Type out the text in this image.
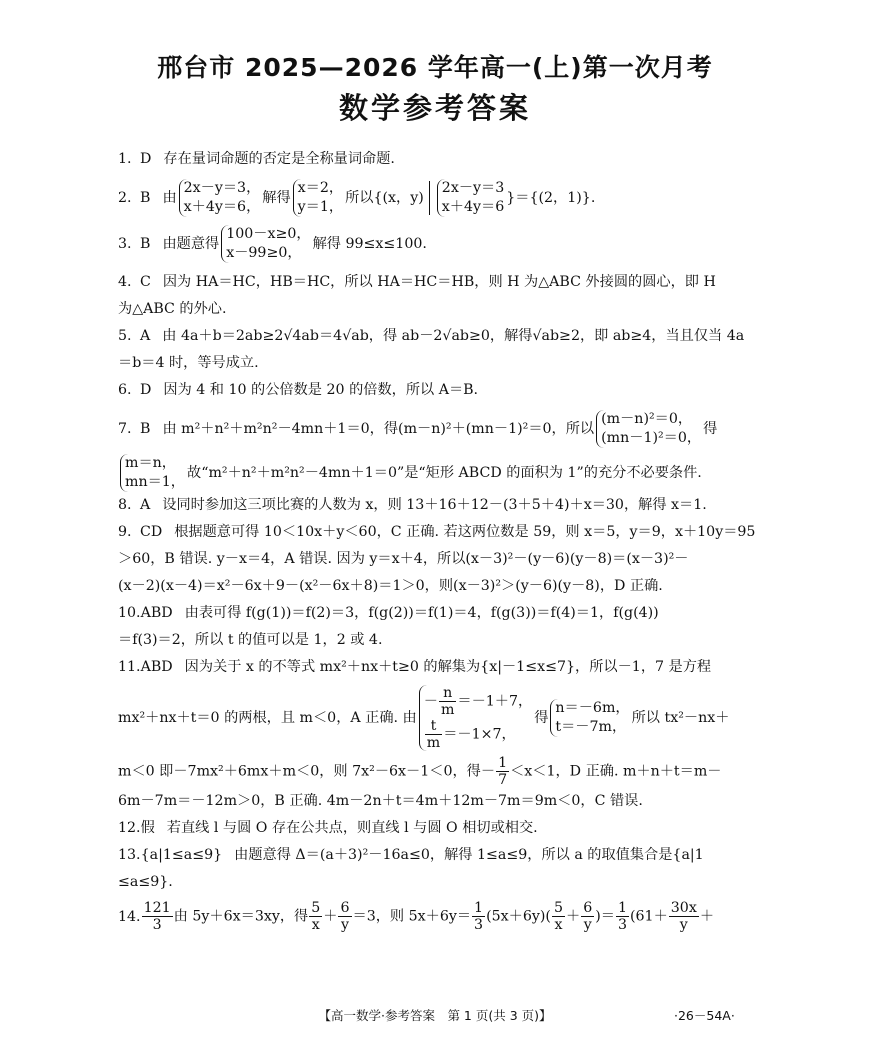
邢台市 2025—2026 学年高一(上)第一次月考
数学参考答案
1. D 存在量词命题的否定是全称量词命题.
2. B 由
2x－y＝3，
x＋4y＝6，
解得
x＝2，
y＝1，
所以{(x，y)
2x－y＝3
x＋4y＝6
}＝{(2，1)}.
3. B 由题意得
100－x≥0，
x－99≥0，
解得 99≤x≤100.
4. C 因为 HA＝HC，HB＝HC，所以 HA＝HC＝HB，则 H 为△ABC 外接圆的圆心，即 H
为△ABC 的外心.
5. A 由 4a＋b＝2ab≥2√4ab＝4√ab，得 ab－2√ab≥0，解得√ab≥2，即 ab≥4，当且仅当 4a
＝b＝4 时，等号成立.
6. D 因为 4 和 10 的公倍数是 20 的倍数，所以 A＝B.
7. B 由 m²＋n²＋m²n²－4mn＋1＝0，得(m－n)²＋(mn－1)²＝0，所以
(m－n)²＝0，
(mn－1)²＝0，
得
m＝n，
mn＝1，
故“m²＋n²＋m²n²－4mn＋1＝0”是“矩形 ABCD 的面积为 1”的充分不必要条件.
8. A 设同时参加这三项比赛的人数为 x，则 13＋16＋12－(3＋5＋4)＋x＝30，解得 x＝1.
9. CD 根据题意可得 10＜10x＋y＜60，C 正确. 若这两位数是 59，则 x＝5，y＝9，x＋10y＝95
＞60，B 错误. y－x＝4，A 错误. 因为 y＝x＋4，所以(x－3)²－(y－6)(y－8)＝(x－3)²－
(x－2)(x－4)＝x²－6x＋9－(x²－6x＋8)＝1＞0，则(x－3)²＞(y－6)(y－8)，D 正确.
10.ABD 由表可得 f(g(1))＝f(2)＝3，f(g(2))＝f(1)＝4，f(g(3))＝f(4)＝1，f(g(4))
＝f(3)＝2，所以 t 的值可以是 1，2 或 4.
11.ABD 因为关于 x 的不等式 mx²＋nx＋t≥0 的解集为{x|－1≤x≤7}，所以－1，7 是方程
mx²＋nx＋t＝0 的两根，且 m＜0，A 正确. 由
－ $\frac{n}{m} =-1+7$，
$\frac{t}{m} =-1\times 7$，
得
n＝－6m，
t＝－7m，
所以 tx²－nx＋
m＜0 即－7mx²＋6mx＋m＜0，则 7x²－6x－1＜0，得－ $\frac{1}{7} <x<1$，D 正确. m＋n＋t＝m－
6m－7m＝－12m＞0，B 正确. 4m－2n＋t＝4m＋12m－7m＝9m＜0，C 错误.
12.假 若直线 l 与圆 O 存在公共点，则直线 l 与圆 O 相切或相交.
13.{a|1≤a≤9} 由题意得 Δ＝(a＋3)²－16a≤0，解得 1≤a≤9，所以 a 的取值集合是{a|1
≤a≤9}.
14. $\frac{121}{3}$ 由 5y＋6x＝3xy，得 $\frac{5}{x} + \frac{6}{y} =3$，则 $5x+6y= \frac{1}{3} (5x+6y)( \frac{5}{x} + \frac{6}{y}$ )＝ $\frac{1}{3} (61+ \frac{30x}{y}$ ＋
【高一数学·参考答案　第 1 页(共 3 页)】	·26－54A·
